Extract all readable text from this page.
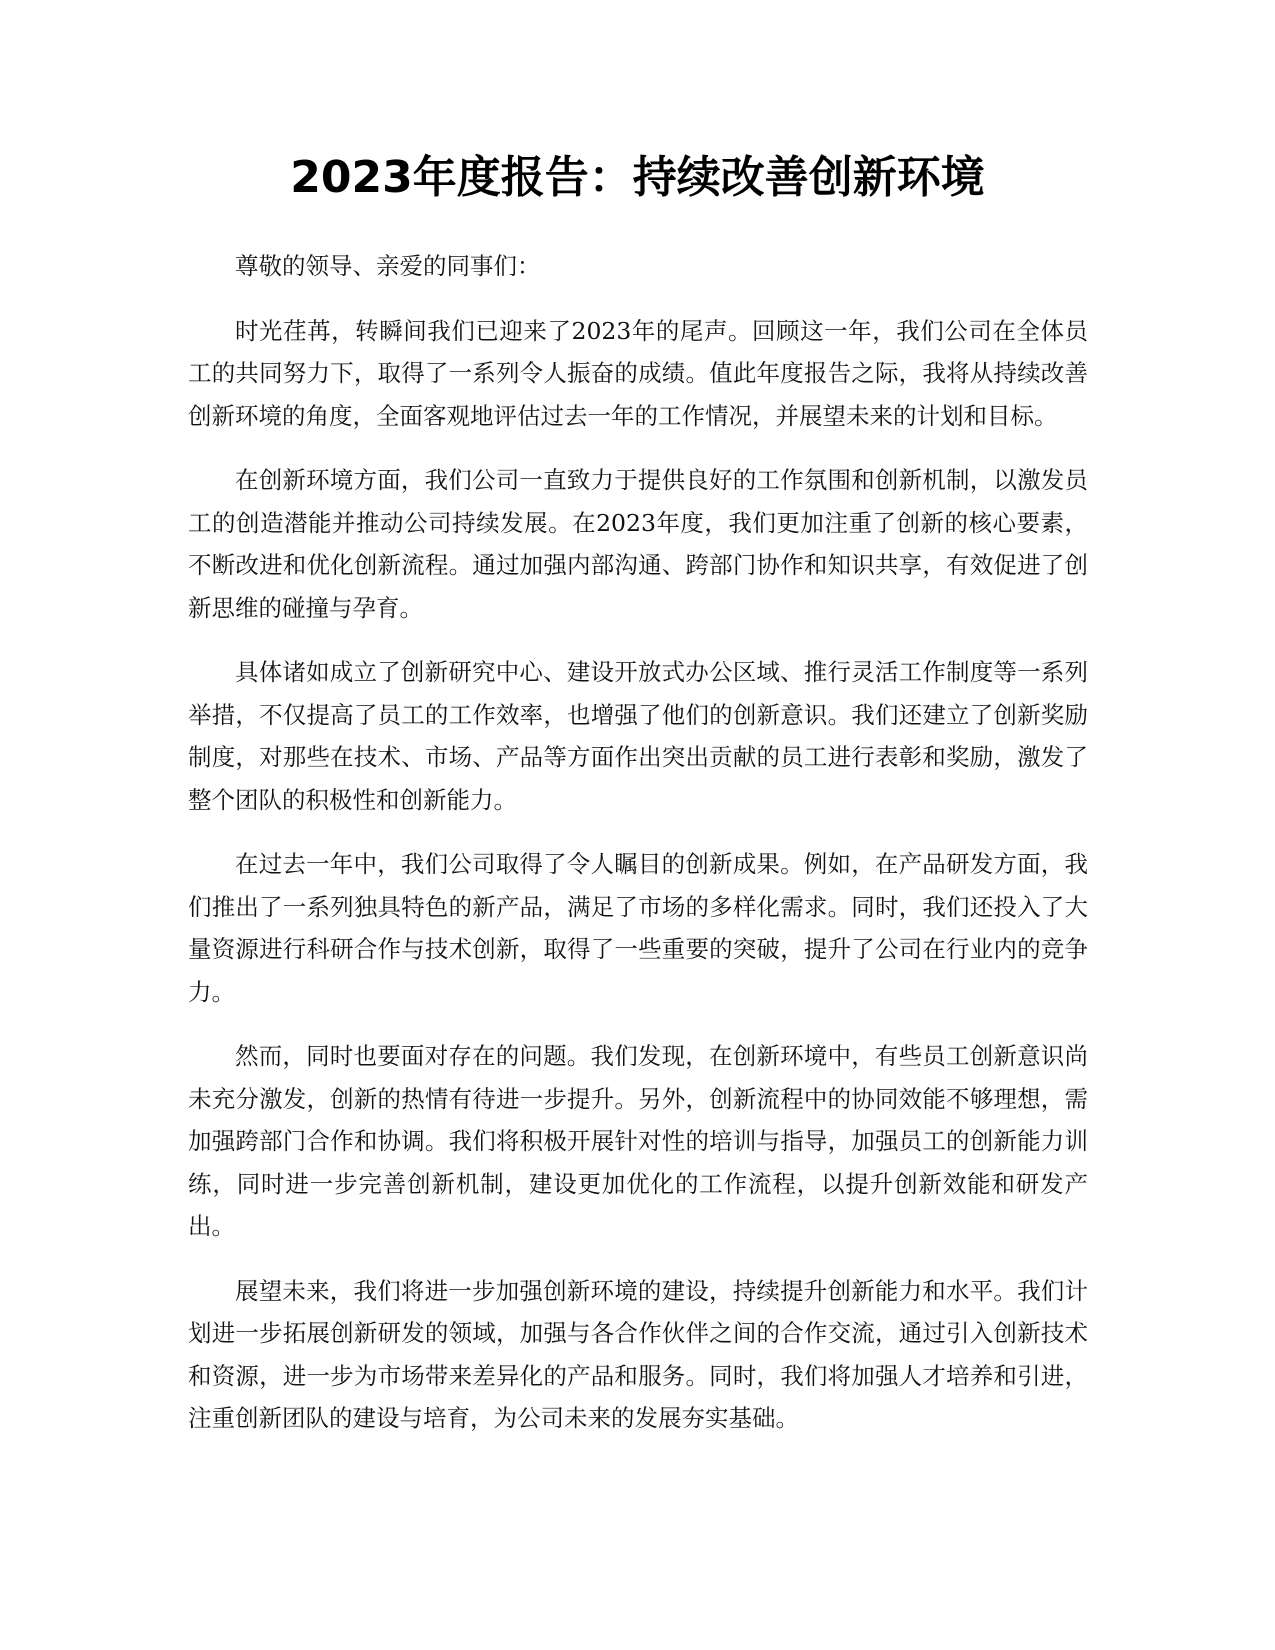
2023年度报告：持续改善创新环境

尊敬的领导、亲爱的同事们：

时光荏苒，转瞬间我们已迎来了2023年的尾声。回顾这一年，我们公司在全体员工的共同努力下，取得了一系列令人振奋的成绩。值此年度报告之际，我将从持续改善创新环境的角度，全面客观地评估过去一年的工作情况，并展望未来的计划和目标。

在创新环境方面，我们公司一直致力于提供良好的工作氛围和创新机制，以激发员工的创造潜能并推动公司持续发展。在2023年度，我们更加注重了创新的核心要素，不断改进和优化创新流程。通过加强内部沟通、跨部门协作和知识共享，有效促进了创新思维的碰撞与孕育。

具体诸如成立了创新研究中心、建设开放式办公区域、推行灵活工作制度等一系列举措，不仅提高了员工的工作效率，也增强了他们的创新意识。我们还建立了创新奖励制度，对那些在技术、市场、产品等方面作出突出贡献的员工进行表彰和奖励，激发了整个团队的积极性和创新能力。

在过去一年中，我们公司取得了令人瞩目的创新成果。例如，在产品研发方面，我们推出了一系列独具特色的新产品，满足了市场的多样化需求。同时，我们还投入了大量资源进行科研合作与技术创新，取得了一些重要的突破，提升了公司在行业内的竞争力。

然而，同时也要面对存在的问题。我们发现，在创新环境中，有些员工创新意识尚未充分激发，创新的热情有待进一步提升。另外，创新流程中的协同效能不够理想，需加强跨部门合作和协调。我们将积极开展针对性的培训与指导，加强员工的创新能力训练，同时进一步完善创新机制，建设更加优化的工作流程，以提升创新效能和研发产出。

展望未来，我们将进一步加强创新环境的建设，持续提升创新能力和水平。我们计划进一步拓展创新研发的领域，加强与各合作伙伴之间的合作交流，通过引入创新技术和资源，进一步为市场带来差异化的产品和服务。同时，我们将加强人才培养和引进，注重创新团队的建设与培育，为公司未来的发展夯实基础。
